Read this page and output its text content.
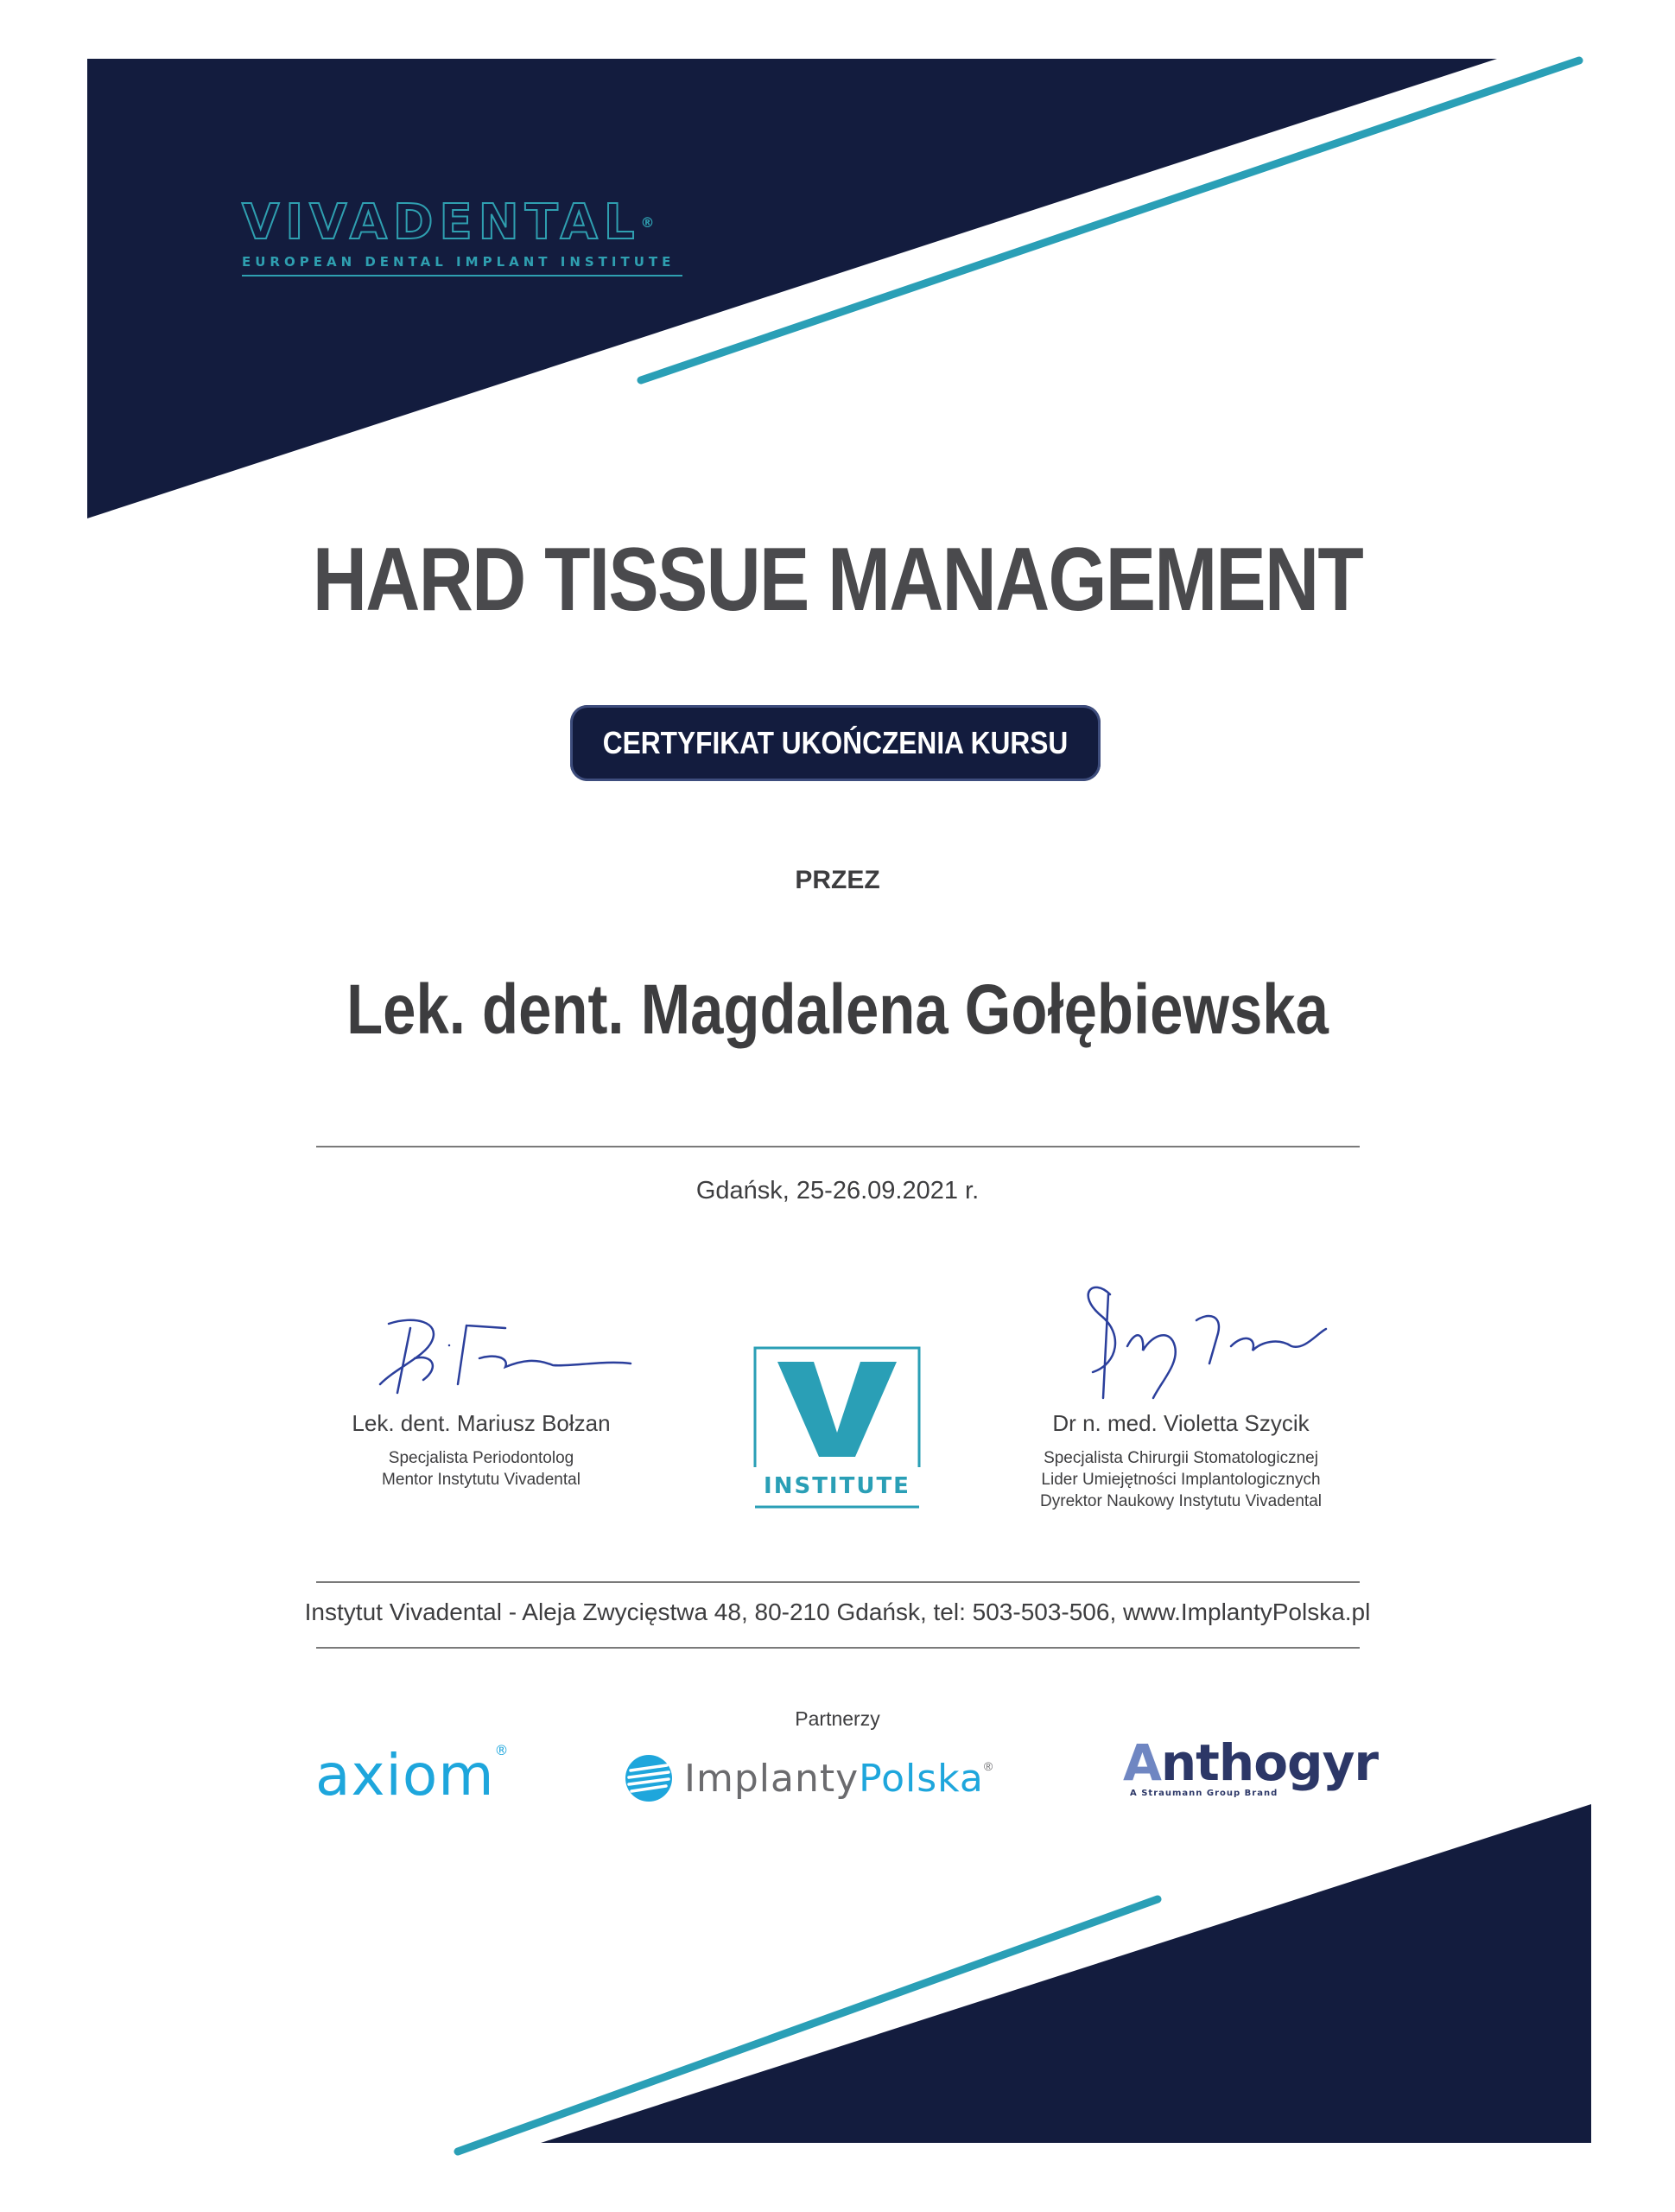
VIVADENTAL®
EUROPEAN DENTAL IMPLANT INSTITUTE
HARD TISSUE MANAGEMENT
CERTYFIKAT UKOŃCZENIA KURSU
PRZEZ
Lek. dent. Magdalena Gołębiewska
Gdańsk, 25-26.09.2021 r.
Lek. dent. Mariusz Bołzan
Specjalista Periodontolog
Mentor Instytutu Vivadental
Dr n. med. Violetta Szycik
Specjalista Chirurgii Stomatologicznej
Lider Umiejętności Implantologicznych
Dyrektor Naukowy Instytutu Vivadental
INSTITUTE
Instytut Vivadental - Aleja Zwycięstwa 48, 80-210 Gdańsk, tel: 503-503-506, www.ImplantyPolska.pl
Partnerzy
axiom®
Implanty Polska ®	Anthogyr
A Straumann Group Brand
